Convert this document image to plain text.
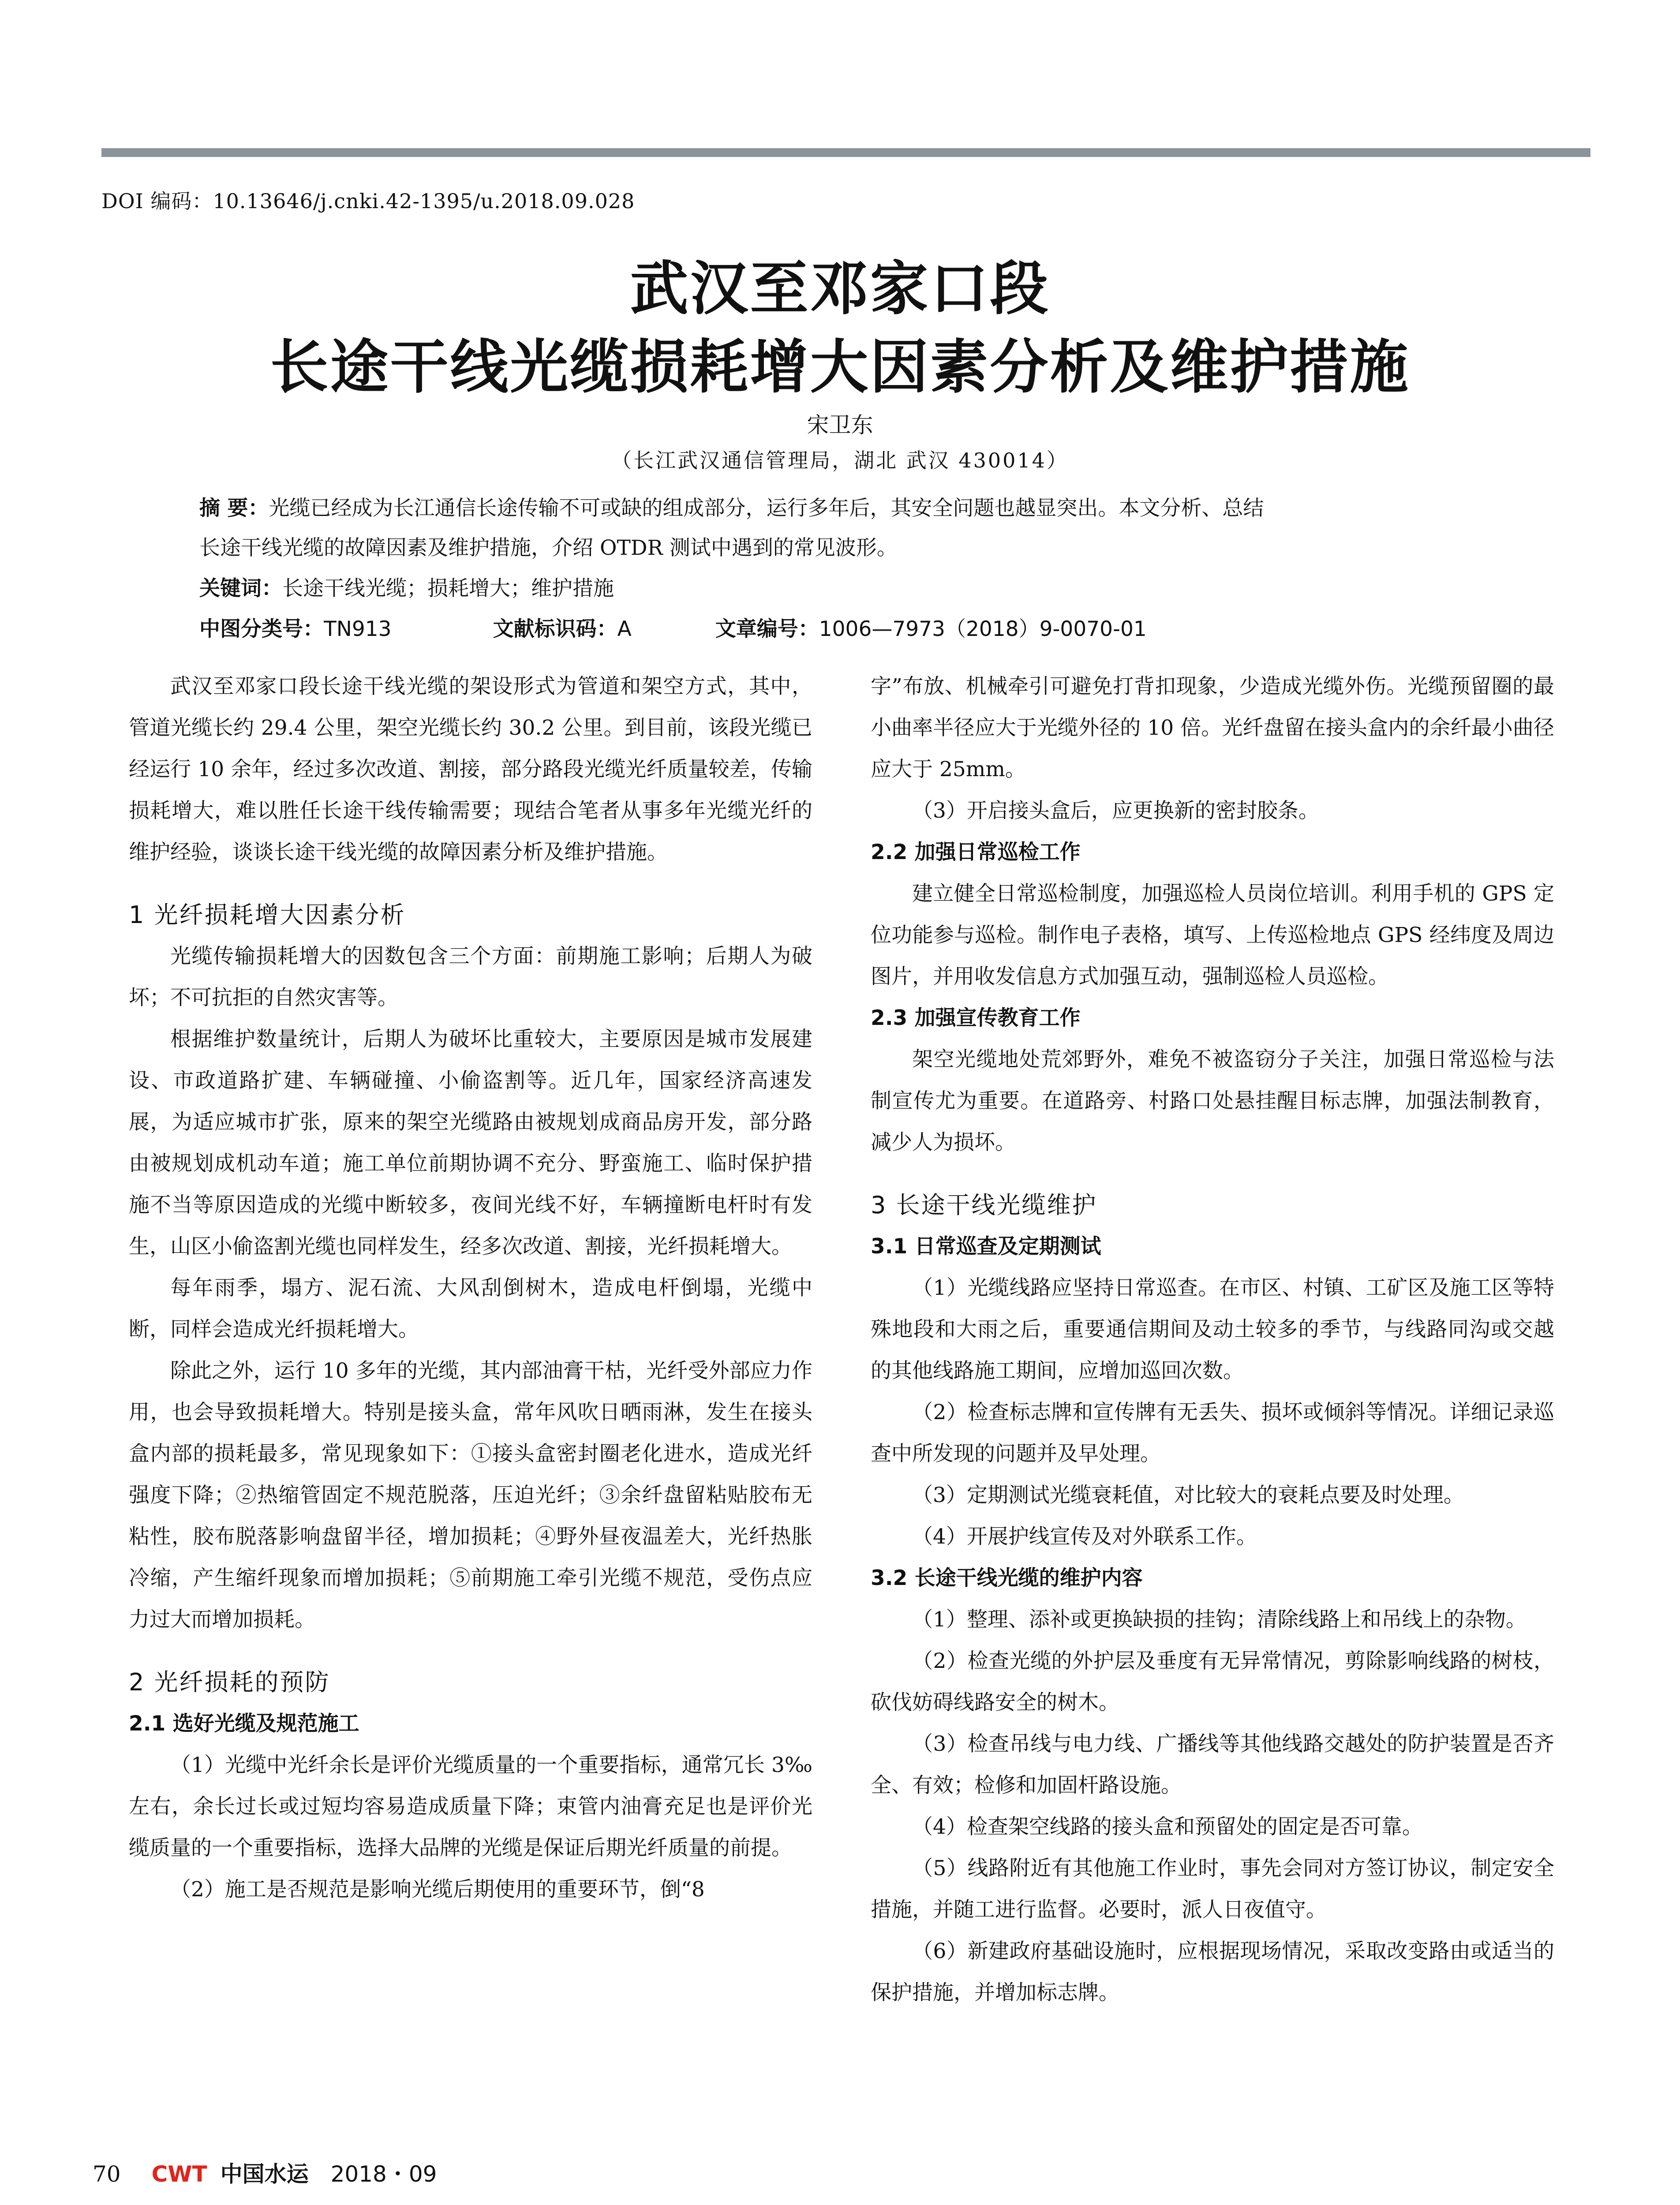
DOI 编码：10.13646/j.cnki.42-1395/u.2018.09.028
武汉至邓家口段
长途干线光缆损耗增大因素分析及维护措施
宋卫东
（长江武汉通信管理局，湖北 武汉 430014）
摘 要：光缆已经成为长江通信长途传输不可或缺的组成部分，运行多年后，其安全问题也越显突出。本文分析、总结
长途干线光缆的故障因素及维护措施，介绍 OTDR 测试中遇到的常见波形。
关键词：长途干线光缆；损耗增大；维护措施
中图分类号：TN913	文献标识码：A	文章编号：1006—7973（2018）9-0070-01

武汉至邓家口段长途干线光缆的架设形式为管道和架空方式，其中，管道光缆长约 29.4 公里，架空光缆长约 30.2 公里。到目前，该段光缆已经运行 10 余年，经过多次改道、割接，部分路段光缆光纤质量较差，传输损耗增大，难以胜任长途干线传输需要；现结合笔者从事多年光缆光纤的维护经验，谈谈长途干线光缆的故障因素分析及维护措施。

1 光纤损耗增大因素分析

光缆传输损耗增大的因数包含三个方面：前期施工影响；后期人为破坏；不可抗拒的自然灾害等。

根据维护数量统计，后期人为破坏比重较大，主要原因是城市发展建设、市政道路扩建、车辆碰撞、小偷盗割等。近几年，国家经济高速发展，为适应城市扩张，原来的架空光缆路由被规划成商品房开发，部分路由被规划成机动车道；施工单位前期协调不充分、野蛮施工、临时保护措施不当等原因造成的光缆中断较多，夜间光线不好，车辆撞断电杆时有发生，山区小偷盗割光缆也同样发生，经多次改道、割接，光纤损耗增大。

每年雨季，塌方、泥石流、大风刮倒树木，造成电杆倒塌，光缆中断，同样会造成光纤损耗增大。

除此之外，运行 10 多年的光缆，其内部油膏干枯，光纤受外部应力作用，也会导致损耗增大。特别是接头盒，常年风吹日晒雨淋，发生在接头盒内部的损耗最多，常见现象如下：①接头盒密封圈老化进水，造成光纤强度下降；②热缩管固定不规范脱落，压迫光纤；③余纤盘留粘贴胶布无粘性，胶布脱落影响盘留半径，增加损耗；④野外昼夜温差大，光纤热胀冷缩，产生缩纤现象而增加损耗；⑤前期施工牵引光缆不规范，受伤点应力过大而增加损耗。

2 光纤损耗的预防
2.1 选好光缆及规范施工

（1）光缆中光纤余长是评价光缆质量的一个重要指标，通常冗长 3‰左右，余长过长或过短均容易造成质量下降；束管内油膏充足也是评价光缆质量的一个重要指标，选择大品牌的光缆是保证后期光纤质量的前提。

（2）施工是否规范是影响光缆后期使用的重要环节，倒“8

字”布放、机械牵引可避免打背扣现象，少造成光缆外伤。光缆预留圈的最小曲率半径应大于光缆外径的 10 倍。光纤盘留在接头盒内的余纤最小曲径应大于 25mm。

（3）开启接头盒后，应更换新的密封胶条。

2.2 加强日常巡检工作

建立健全日常巡检制度，加强巡检人员岗位培训。利用手机的 GPS 定位功能参与巡检。制作电子表格，填写、上传巡检地点 GPS 经纬度及周边图片，并用收发信息方式加强互动，强制巡检人员巡检。

2.3 加强宣传教育工作

架空光缆地处荒郊野外，难免不被盗窃分子关注，加强日常巡检与法制宣传尤为重要。在道路旁、村路口处悬挂醒目标志牌，加强法制教育，减少人为损坏。

3 长途干线光缆维护
3.1 日常巡查及定期测试

（1）光缆线路应坚持日常巡查。在市区、村镇、工矿区及施工区等特殊地段和大雨之后，重要通信期间及动土较多的季节，与线路同沟或交越的其他线路施工期间，应增加巡回次数。

（2）检查标志牌和宣传牌有无丢失、损坏或倾斜等情况。详细记录巡查中所发现的问题并及早处理。

（3）定期测试光缆衰耗值，对比较大的衰耗点要及时处理。

（4）开展护线宣传及对外联系工作。

3.2 长途干线光缆的维护内容

（1）整理、添补或更换缺损的挂钩；清除线路上和吊线上的杂物。

（2）检查光缆的外护层及垂度有无异常情况，剪除影响线路的树枝，砍伐妨碍线路安全的树木。

（3）检查吊线与电力线、广播线等其他线路交越处的防护装置是否齐全、有效；检修和加固杆路设施。

（4）检查架空线路的接头盒和预留处的固定是否可靠。

（5）线路附近有其他施工作业时，事先会同对方签订协议，制定安全措施，并随工进行监督。必要时，派人日夜值守。

（6）新建政府基础设施时，应根据现场情况，采取改变路由或适当的保护措施，并增加标志牌。

70 CWT 中国水运 2018・09
